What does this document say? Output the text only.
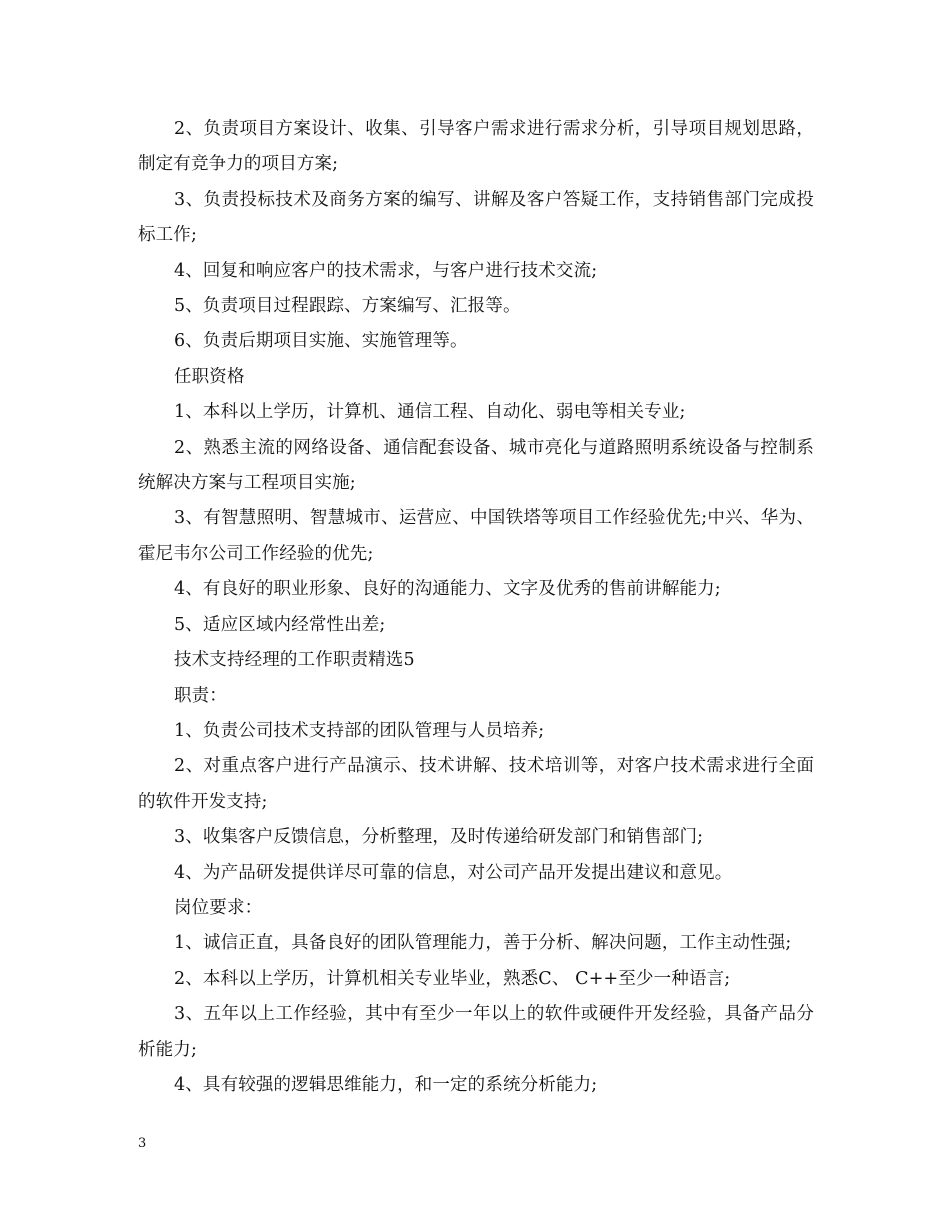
2、负责项目方案设计、收集、引导客户需求进行需求分析，引导项目规划思路，制定有竞争力的项目方案;

3、负责投标技术及商务方案的编写、讲解及客户答疑工作，支持销售部门完成投标工作;

4、回复和响应客户的技术需求，与客户进行技术交流;

5、负责项目过程跟踪、方案编写、汇报等。

6、负责后期项目实施、实施管理等。

任职资格

1、本科以上学历，计算机、通信工程、自动化、弱电等相关专业;

2、熟悉主流的网络设备、通信配套设备、城市亮化与道路照明系统设备与控制系统解决方案与工程项目实施;

3、有智慧照明、智慧城市、运营应、中国铁塔等项目工作经验优先;中兴、华为、霍尼韦尔公司工作经验的优先;

4、有良好的职业形象、良好的沟通能力、文字及优秀的售前讲解能力;

5、适应区域内经常性出差;

技术支持经理的工作职责精选5

职责：

1、负责公司技术支持部的团队管理与人员培养;

2、对重点客户进行产品演示、技术讲解、技术培训等，对客户技术需求进行全面的软件开发支持;

3、收集客户反馈信息，分析整理，及时传递给研发部门和销售部门;

4、为产品研发提供详尽可靠的信息，对公司产品开发提出建议和意见。

岗位要求：

1、诚信正直，具备良好的团队管理能力，善于分析、解决问题，工作主动性强;

2、本科以上学历，计算机相关专业毕业，熟悉C、 C++至少一种语言;

3、五年以上工作经验，其中有至少一年以上的软件或硬件开发经验，具备产品分析能力;

4、具有较强的逻辑思维能力，和一定的系统分析能力;

3
